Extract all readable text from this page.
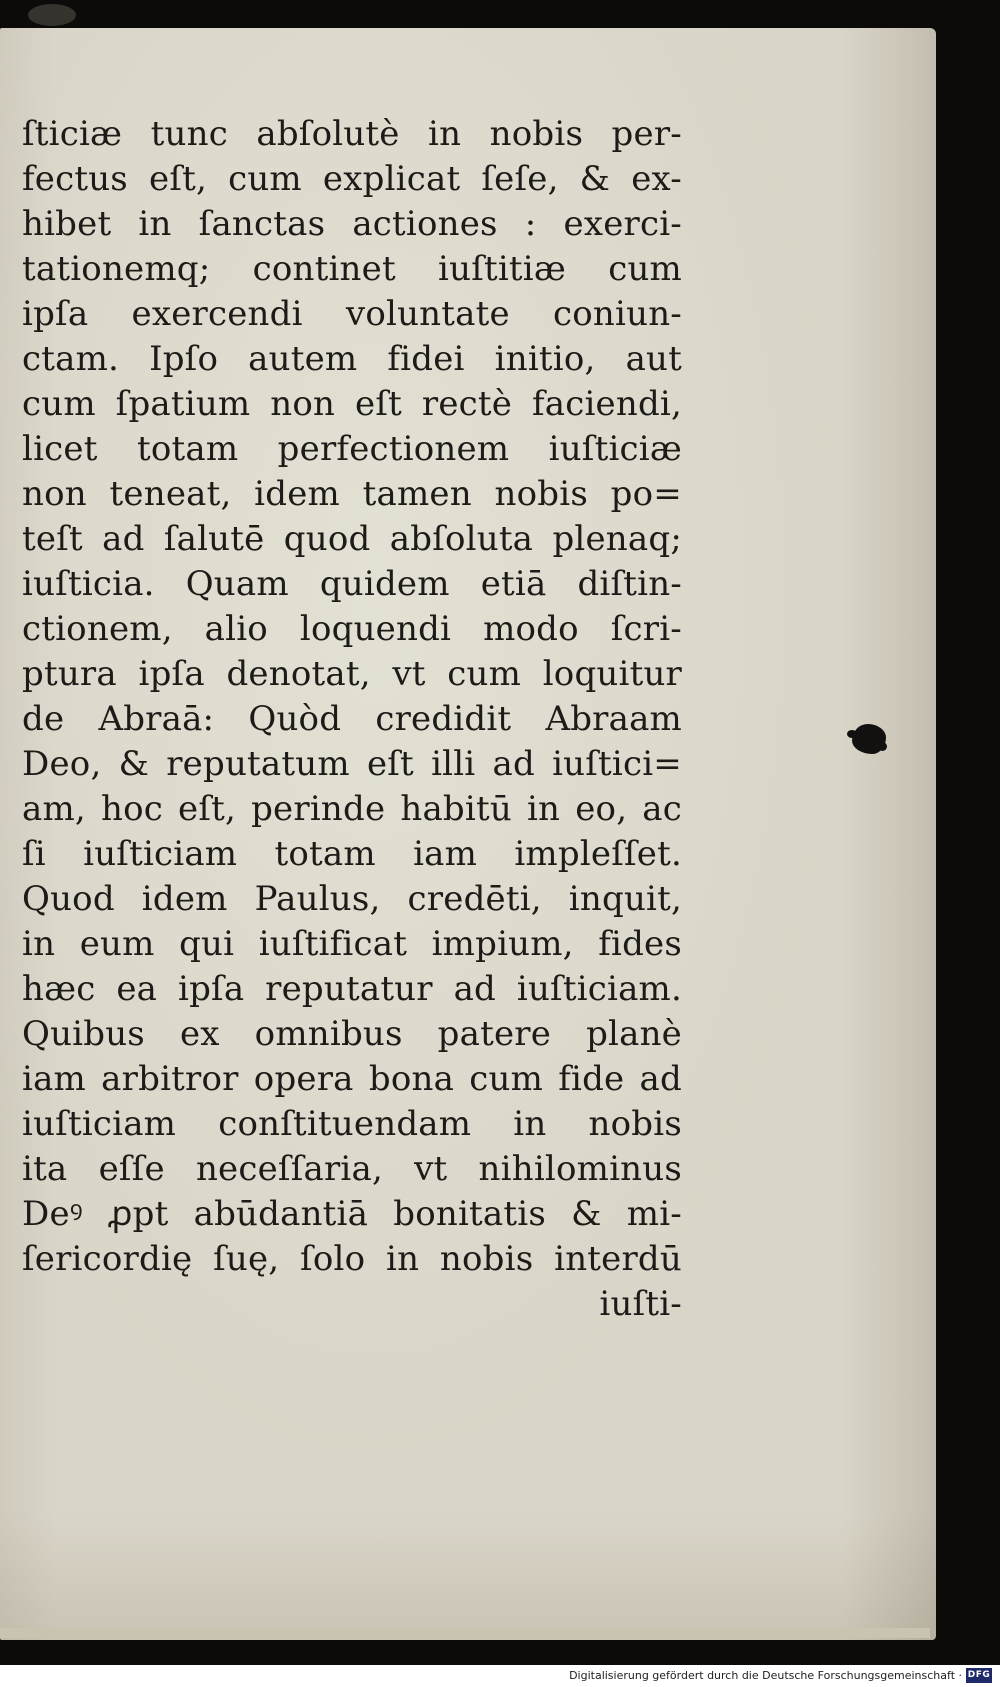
ſticiæ tunc abſolutè in nobis per-
fectus eſt, cum explicat ſeſe, & ex-
hibet in ſanctas actiones : exerci-
tationemq; continet iuſtitiæ cum
ipſa exercendi voluntate coniun-
ctam. Ipſo autem fidei initio, aut
cum ſpatium non eſt rectè faciendi,
licet totam perfectionem iuſticiæ
non teneat, idem tamen nobis po=
teſt ad ſalutē quod abſoluta plenaq;
iuſticia. Quam quidem etiā diſtin-
ctionem, alio loquendi modo ſcri-
ptura ipſa denotat, vt cum loquitur
de Abraā: Quòd credidit Abraam
Deo, & reputatum eſt illi ad iuſtici=
am, hoc eſt, perinde habitū in eo, ac
ſi iuſticiam totam iam impleſſet.
Quod idem Paulus, credēti, inquit,
in eum qui iuſtificat impium, fides
hæc ea ipſa reputatur ad iuſticiam.
Quibus ex omnibus patere planè
iam arbitror opera bona cum fide ad
iuſticiam conſtituendam in nobis
ita eſſe neceſſaria, vt nihilominus
Deꝰ ꝓpt abūdantiā bonitatis & mi-
ſericordię ſuę, ſolo in nobis interdū
iuſti-
Digitalisierung gefördert durch die Deutsche Forschungsgemeinschaft · DFG
